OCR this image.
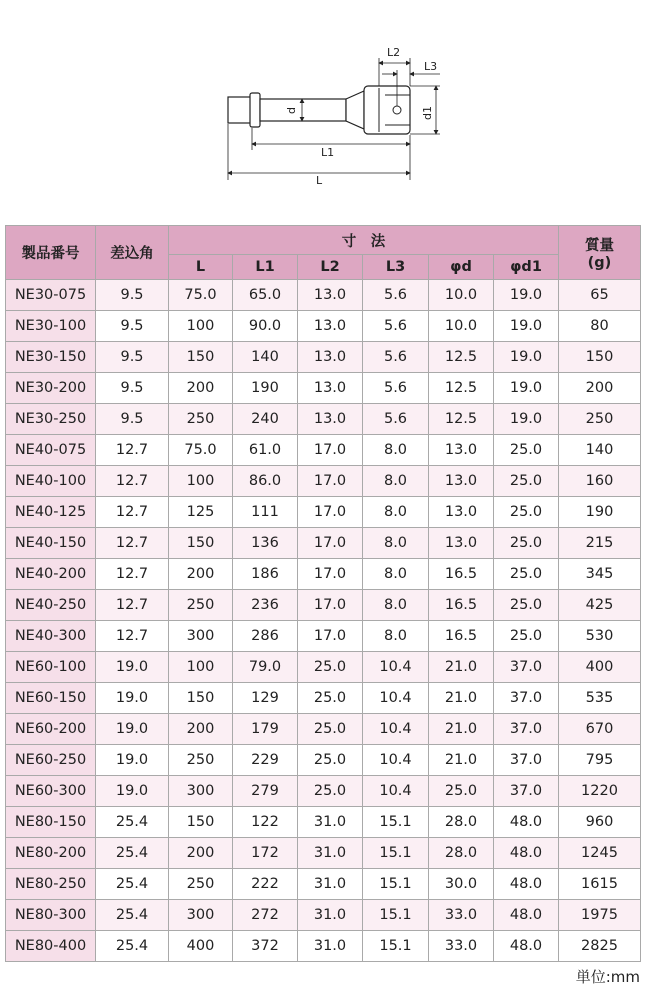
L2
L3
d	d1
L1
L
製品番号	差込角	寸　法						質量
(g)

		L	L1	L2	L3	φd	φd1	
NE30-075	9.5	75.0	65.0	13.0	5.6	10.0	19.0	65
NE30-100	9.5	100	90.0	13.0	5.6	10.0	19.0	80
NE30-150	9.5	150	140	13.0	5.6	12.5	19.0	150
NE30-200	9.5	200	190	13.0	5.6	12.5	19.0	200
NE30-250	9.5	250	240	13.0	5.6	12.5	19.0	250
NE40-075	12.7	75.0	61.0	17.0	8.0	13.0	25.0	140
NE40-100	12.7	100	86.0	17.0	8.0	13.0	25.0	160
NE40-125	12.7	125	111	17.0	8.0	13.0	25.0	190
NE40-150	12.7	150	136	17.0	8.0	13.0	25.0	215
NE40-200	12.7	200	186	17.0	8.0	16.5	25.0	345
NE40-250	12.7	250	236	17.0	8.0	16.5	25.0	425
NE40-300	12.7	300	286	17.0	8.0	16.5	25.0	530
NE60-100	19.0	100	79.0	25.0	10.4	21.0	37.0	400
NE60-150	19.0	150	129	25.0	10.4	21.0	37.0	535
NE60-200	19.0	200	179	25.0	10.4	21.0	37.0	670
NE60-250	19.0	250	229	25.0	10.4	21.0	37.0	795
NE60-300	19.0	300	279	25.0	10.4	25.0	37.0	1220
NE80-150	25.4	150	122	31.0	15.1	28.0	48.0	960
NE80-200	25.4	200	172	31.0	15.1	28.0	48.0	1245
NE80-250	25.4	250	222	31.0	15.1	30.0	48.0	1615
NE80-300	25.4	300	272	31.0	15.1	33.0	48.0	1975
NE80-400	25.4	400	372	31.0	15.1	33.0	48.0	2825
単位:mm
